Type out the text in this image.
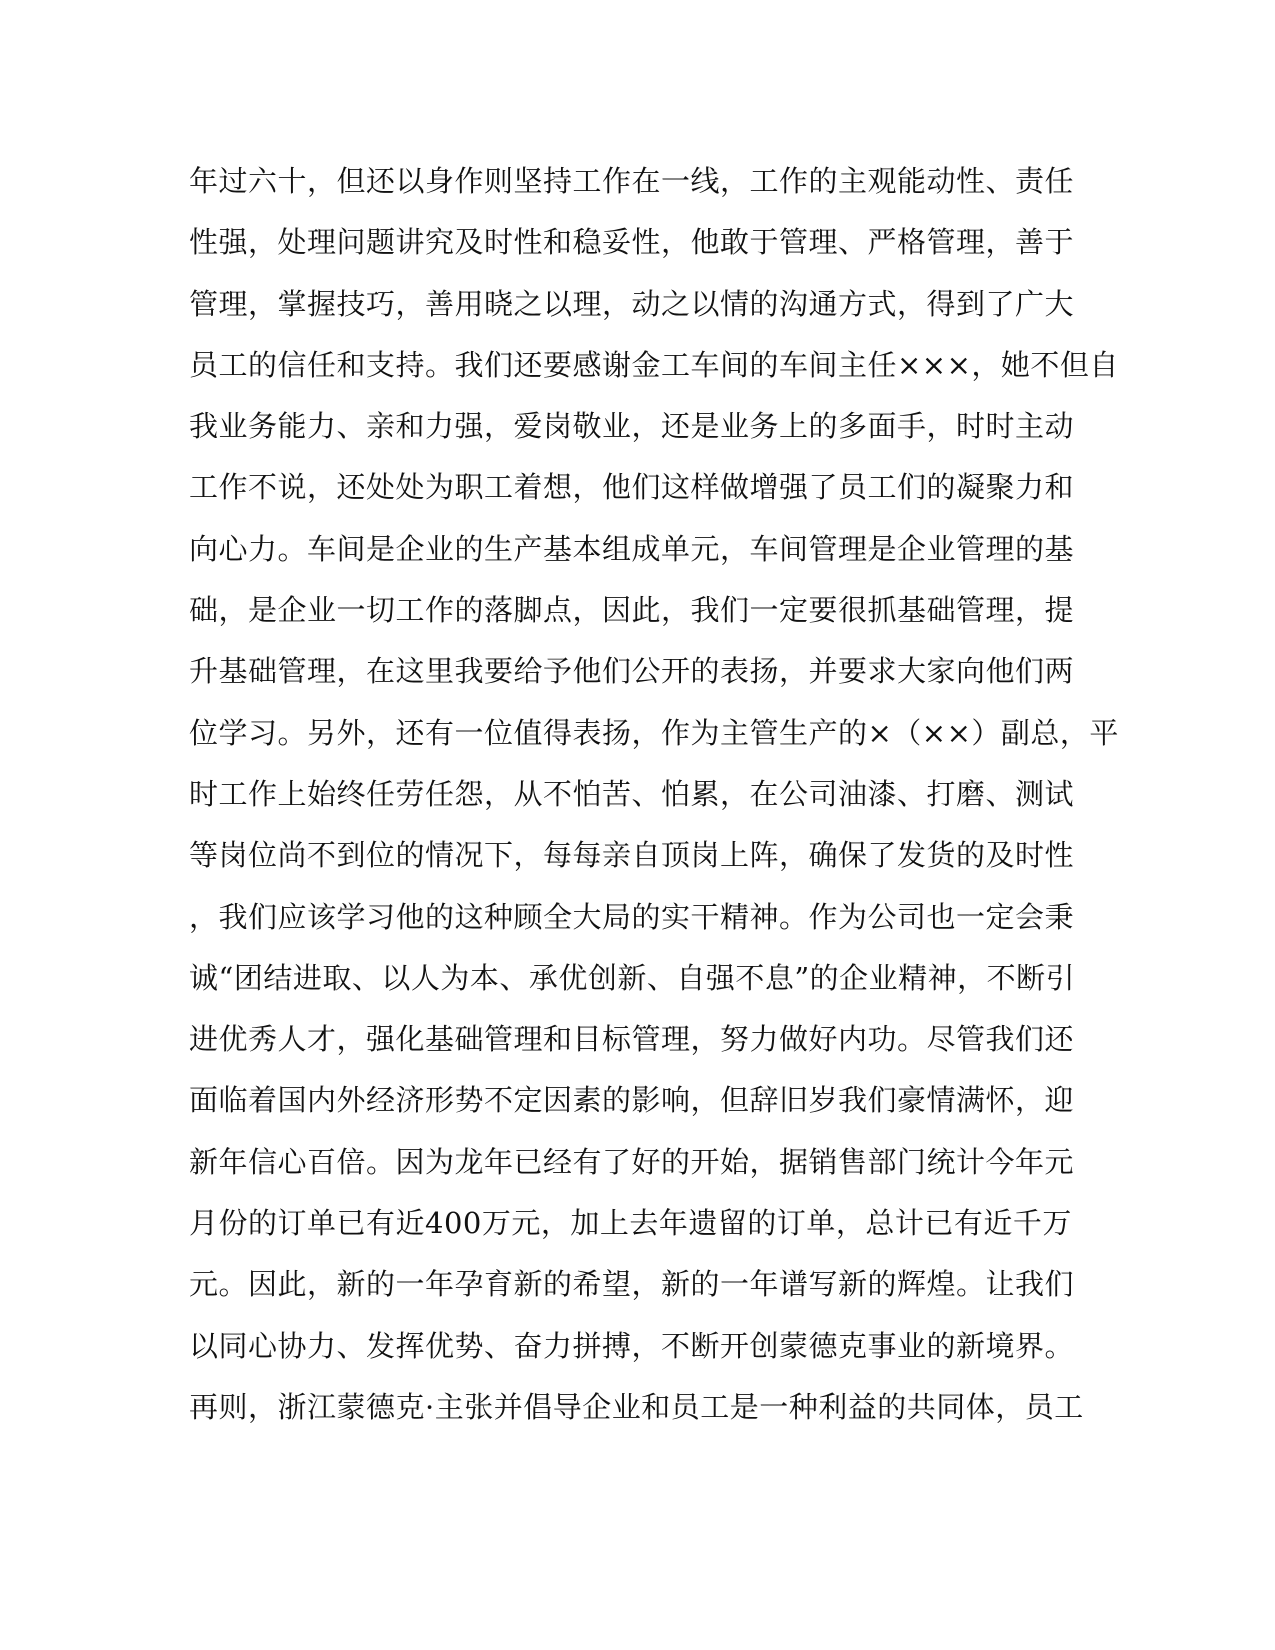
年过六十，但还以身作则坚持工作在一线，工作的主观能动性、责任
性强，处理问题讲究及时性和稳妥性，他敢于管理、严格管理，善于
管理，掌握技巧，善用晓之以理，动之以情的沟通方式，得到了广大
员工的信任和支持。我们还要感谢金工车间的车间主任×××，她不但自
我业务能力、亲和力强，爱岗敬业，还是业务上的多面手，时时主动
工作不说，还处处为职工着想，他们这样做增强了员工们的凝聚力和
向心力。车间是企业的生产基本组成单元，车间管理是企业管理的基
础，是企业一切工作的落脚点，因此，我们一定要很抓基础管理，提
升基础管理，在这里我要给予他们公开的表扬，并要求大家向他们两
位学习。另外，还有一位值得表扬，作为主管生产的×（××）副总，平
时工作上始终任劳任怨，从不怕苦、怕累，在公司油漆、打磨、测试
等岗位尚不到位的情况下，每每亲自顶岗上阵，确保了发货的及时性
，我们应该学习他的这种顾全大局的实干精神。作为公司也一定会秉
诚“团结进取、以人为本、承优创新、自强不息”的企业精神，不断引
进优秀人才，强化基础管理和目标管理，努力做好内功。尽管我们还
面临着国内外经济形势不定因素的影响，但辞旧岁我们豪情满怀，迎
新年信心百倍。因为龙年已经有了好的开始，据销售部门统计今年元
月份的订单已有近400万元，加上去年遗留的订单，总计已有近千万
元。因此，新的一年孕育新的希望，新的一年谱写新的辉煌。让我们
以同心协力、发挥优势、奋力拼搏，不断开创蒙德克事业的新境界。
再则，浙江蒙德克·主张并倡导企业和员工是一种利益的共同体，员工
